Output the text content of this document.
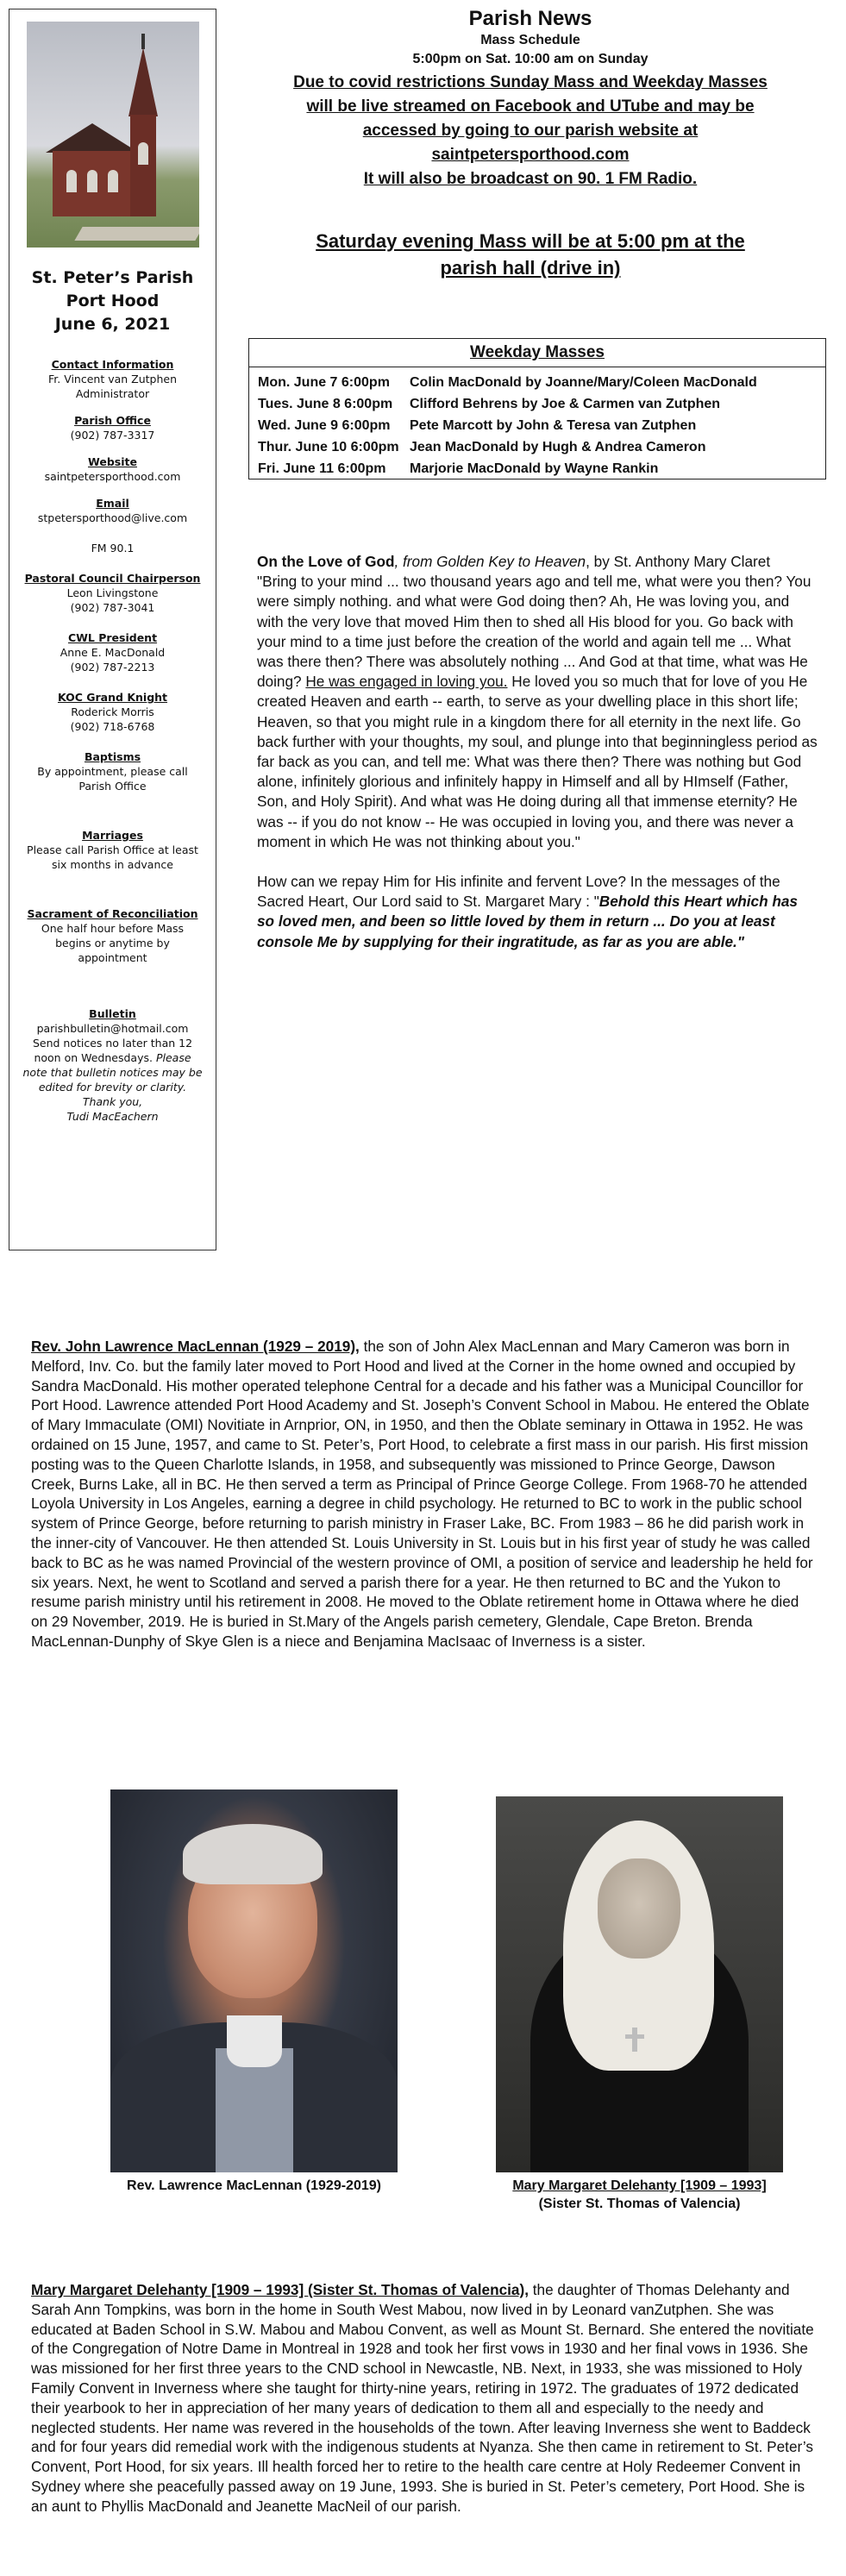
St. Peter’s Parish
Port Hood
June 6, 2021
Contact Information
Fr. Vincent van Zutphen
Administrator
Parish Office
(902) 787-3317
Website
saintpetersporthood.com
Email
stpetersporthood@live.com
FM 90.1
Pastoral Council Chairperson
Leon Livingstone
(902) 787-3041
CWL President
Anne E. MacDonald
(902) 787-2213
KOC Grand Knight
Roderick Morris
(902) 718-6768
Baptisms
By appointment, please call
Parish Office
Marriages
Please call Parish Office at least
six months in advance
Sacrament of Reconciliation
One half hour before Mass
begins or anytime by
appointment
Bulletin
parishbulletin@hotmail.com
Send notices no later than 12
noon on Wednesdays. Please
note that bulletin notices may be
edited for brevity or clarity.
Thank you,
Tudi MacEachern
Parish News
Mass Schedule
5:00pm on Sat. 10:00 am on Sunday
Due to covid restrictions Sunday Mass and Weekday Masses
will be live streamed on Facebook and UTube and may be
accessed by going to our parish website at
saintpetersporthood.com
It will also be broadcast on 90. 1 FM Radio.
Saturday evening Mass will be at 5:00 pm at the
parish hall (drive in)
Weekday Masses
Mon. June 7 6:00pm Colin MacDonald by Joanne/Mary/Coleen MacDonald
Tues. June 8 6:00pm Clifford Behrens by Joe & Carmen van Zutphen
Wed. June 9 6:00pm Pete Marcott by John & Teresa van Zutphen
Thur. June 10 6:00pm Jean MacDonald by Hugh & Andrea Cameron
Fri. June 11 6:00pm Marjorie MacDonald by Wayne Rankin

On the Love of God, from Golden Key to Heaven, by St. Anthony Mary Claret
"Bring to your mind ... two thousand years ago and tell me, what were you then? You were simply nothing. and what were God doing then? Ah, He was loving you, and with the very love that moved Him then to shed all His blood for you. Go back with your mind to a time just before the creation of the world and again tell me ... What was there then? There was absolutely nothing ... And God at that time, what was He doing? He was engaged in loving you. He loved you so much that for love of you He created Heaven and earth -- earth, to serve as your dwelling place in this short life; Heaven, so that you might rule in a kingdom there for all eternity in the next life. Go back further with your thoughts, my soul, and plunge into that beginningless period as far back as you can, and tell me: What was there then? There was nothing but God alone, infinitely glorious and infinitely happy in Himself and all by HImself (Father, Son, and Holy Spirit). And what was He doing during all that immense eternity? He was -- if you do not know -- He was occupied in loving you, and there was never a moment in which He was not thinking about you."

How can we repay Him for His infinite and fervent Love? In the messages of the Sacred Heart, Our Lord said to St. Margaret Mary : "Behold this Heart which has so loved men, and been so little loved by them in return ... Do you at least console Me by supplying for their ingratitude, as far as you are able."

Rev. John Lawrence MacLennan (1929 – 2019), the son of John Alex MacLennan and Mary Cameron was born in Melford, Inv. Co. but the family later moved to Port Hood and lived at the Corner in the home owned and occupied by Sandra MacDonald. His mother operated telephone Central for a decade and his father was a Municipal Councillor for Port Hood. Lawrence attended Port Hood Academy and St. Joseph’s Convent School in Mabou. He entered the Oblate of Mary Immaculate (OMI) Novitiate in Arnprior, ON, in 1950, and then the Oblate seminary in Ottawa in 1952. He was ordained on 15 June, 1957, and came to St. Peter’s, Port Hood, to celebrate a first mass in our parish. His first mission posting was to the Queen Charlotte Islands, in 1958, and subsequently was missioned to Prince George, Dawson Creek, Burns Lake, all in BC. He then served a term as Principal of Prince George College. From 1968-70 he attended Loyola University in Los Angeles, earning a degree in child psychology. He returned to BC to work in the public school system of Prince George, before returning to parish ministry in Fraser Lake, BC. From 1983 – 86 he did parish work in the inner-city of Vancouver. He then attended St. Louis University in St. Louis but in his first year of study he was called back to BC as he was named Provincial of the western province of OMI, a position of service and leadership he held for six years. Next, he went to Scotland and served a parish there for a year. He then returned to BC and the Yukon to resume parish ministry until his retirement in 2008. He moved to the Oblate retirement home in Ottawa where he died on 29 November, 2019. He is buried in St.Mary of the Angels parish cemetery, Glendale, Cape Breton. Brenda MacLennan-Dunphy of Skye Glen is a niece and Benjamina MacIsaac of Inverness is a sister.
Rev. Lawrence MacLennan (1929-2019)	Mary Margaret Delehanty [1909 – 1993]
(Sister St. Thomas of Valencia)
Mary Margaret Delehanty [1909 – 1993] (Sister St. Thomas of Valencia), the daughter of Thomas Delehanty and Sarah Ann Tompkins, was born in the home in South West Mabou, now lived in by Leonard vanZutphen. She was educated at Baden School in S.W. Mabou and Mabou Convent, as well as Mount St. Bernard. She entered the novitiate of the Congregation of Notre Dame in Montreal in 1928 and took her first vows in 1930 and her final vows in 1936. She was missioned for her first three years to the CND school in Newcastle, NB. Next, in 1933, she was missioned to Holy Family Convent in Inverness where she taught for thirty-nine years, retiring in 1972. The graduates of 1972 dedicated their yearbook to her in appreciation of her many years of dedication to them all and especially to the needy and neglected students. Her name was revered in the households of the town. After leaving Inverness she went to Baddeck and for four years did remedial work with the indigenous students at Nyanza. She then came in retirement to St. Peter’s Convent, Port Hood, for six years. Ill health forced her to retire to the health care centre at Holy Redeemer Convent in Sydney where she peacefully passed away on 19 June, 1993. She is buried in St. Peter’s cemetery, Port Hood. She is an aunt to Phyllis MacDonald and Jeanette MacNeil of our parish.
